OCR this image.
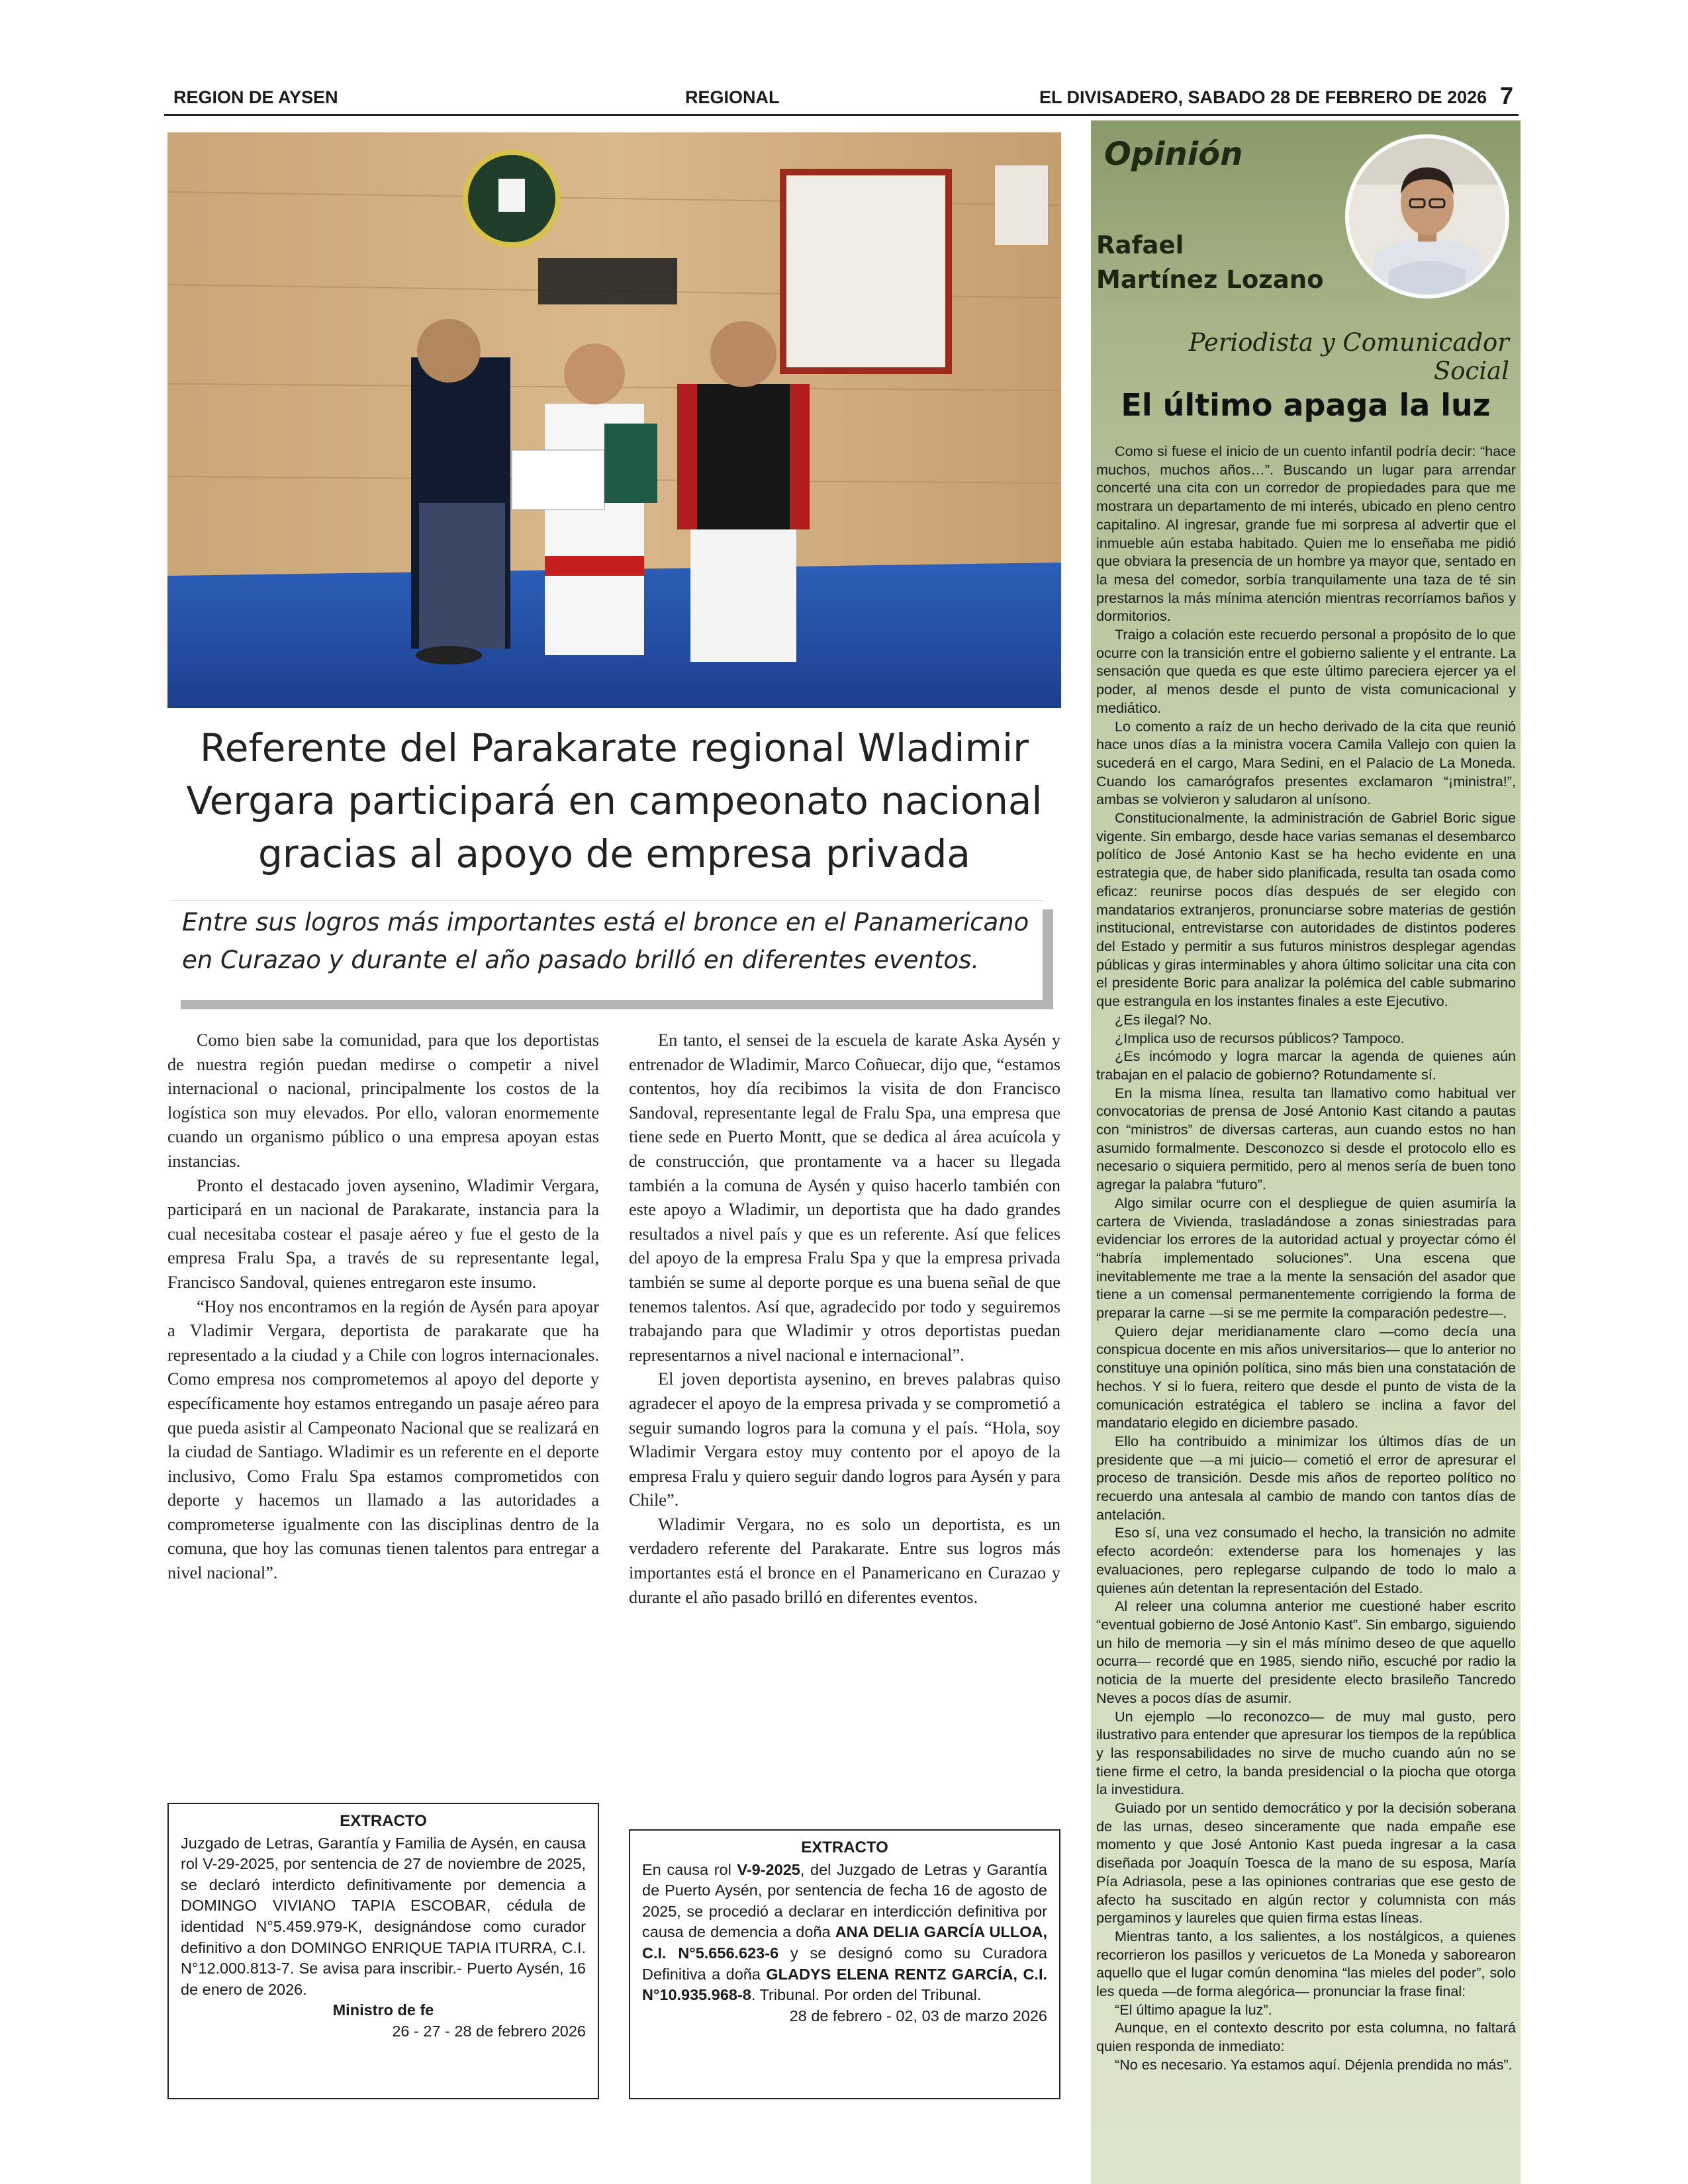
REGION DE AYSEN	REGIONAL	EL DIVISADERO, SABADO 28 DE FEBRERO DE 2026 7
Referente del Parakarate regional Wladimir Vergara participará en campeonato nacional gracias al apoyo de empresa privada
Entre sus logros más importantes está el bronce en el Panamericano en Curazao y durante el año pasado brilló en diferentes eventos.

Como bien sabe la comunidad, para que los deportistas de nuestra región puedan medirse o competir a nivel internacional o nacional, principalmente los costos de la logística son muy elevados. Por ello, valoran enormemente cuando un organismo público o una empresa apoyan estas instancias.

Pronto el destacado joven aysenino, Wladimir Vergara, participará en un nacional de Parakarate, instancia para la cual necesitaba costear el pasaje aéreo y fue el gesto de la empresa Fralu Spa, a través de su representante legal, Francisco Sandoval, quienes entregaron este insumo.

“Hoy nos encontramos en la región de Aysén para apoyar a Vladimir Vergara, deportista de parakarate que ha representado a la ciudad y a Chile con logros internacionales. Como empresa nos comprometemos al apoyo del deporte y específicamente hoy estamos entregando un pasaje aéreo para que pueda asistir al Campeonato Nacional que se realizará en la ciudad de Santiago. Wladimir es un referente en el deporte inclusivo, Como Fralu Spa estamos comprometidos con deporte y hacemos un llamado a las autoridades a comprometerse igualmente con las disciplinas dentro de la comuna, que hoy las comunas tienen talentos para entregar a nivel nacional”.

En tanto, el sensei de la escuela de karate Aska Aysén y entrenador de Wladimir, Marco Coñuecar, dijo que, “estamos contentos, hoy día recibimos la visita de don Francisco Sandoval, representante legal de Fralu Spa, una empresa que tiene sede en Puerto Montt, que se dedica al área acuícola y de construcción, que prontamente va a hacer su llegada también a la comuna de Aysén y quiso hacerlo también con este apoyo a Wladimir, un deportista que ha dado grandes resultados a nivel país y que es un referente. Así que felices del apoyo de la empresa Fralu Spa y que la empresa privada también se sume al deporte porque es una buena señal de que tenemos talentos. Así que, agradecido por todo y seguiremos trabajando para que Wladimir y otros deportistas puedan representarnos a nivel nacional e internacional”.

El joven deportista aysenino, en breves palabras quiso agradecer el apoyo de la empresa privada y se comprometió a seguir sumando logros para la comuna y el país. “Hola, soy Wladimir Vergara estoy muy contento por el apoyo de la empresa Fralu y quiero seguir dando logros para Aysén y para Chile”.

Wladimir Vergara, no es solo un deportista, es un verdadero referente del Parakarate. Entre sus logros más importantes está el bronce en el Panamericano en Curazao y durante el año pasado brilló en diferentes eventos.

EXTRACTO
Juzgado de Letras, Garantía y Familia de Aysén, en causa rol V-29-2025, por sentencia de 27 de noviembre de 2025, se declaró interdicto definitivamente por demencia a DOMINGO VIVIANO TAPIA ESCOBAR, cédula de identidad N°5.459.979-K, designándose como curador definitivo a don DOMINGO ENRIQUE TAPIA ITURRA, C.I. N°12.000.813-7. Se avisa para inscribir.- Puerto Aysén, 16 de enero de 2026.
Ministro de fe
26 - 27 - 28 de febrero 2026
EXTRACTO
En causa rol V-9-2025, del Juzgado de Letras y Garantía de Puerto Aysén, por sentencia de fecha 16 de agosto de 2025, se procedió a declarar en interdicción definitiva por causa de demencia a doña ANA DELIA GARCÍA ULLOA, C.I. N°5.656.623-6 y se designó como su Curadora Definitiva a doña GLADYS ELENA RENTZ GARCÍA, C.I. N°10.935.968-8. Tribunal. Por orden del Tribunal.
28 de febrero - 02, 03 de marzo 2026
Opinión
Rafael
Martínez Lozano
Periodista y Comunicador Social
El último apaga la luz

Como si fuese el inicio de un cuento infantil podría decir: “hace muchos, muchos años…”. Buscando un lugar para arrendar concerté una cita con un corredor de propiedades para que me mostrara un departamento de mi interés, ubicado en pleno centro capitalino. Al ingresar, grande fue mi sorpresa al advertir que el inmueble aún estaba habitado. Quien me lo enseñaba me pidió que obviara la presencia de un hombre ya mayor que, sentado en la mesa del comedor, sorbía tranquilamente una taza de té sin prestarnos la más mínima atención mientras recorríamos baños y dormitorios.

Traigo a colación este recuerdo personal a propósito de lo que ocurre con la transición entre el gobierno saliente y el entrante. La sensación que queda es que este último pareciera ejercer ya el poder, al menos desde el punto de vista comunicacional y mediático.

Lo comento a raíz de un hecho derivado de la cita que reunió hace unos días a la ministra vocera Camila Vallejo con quien la sucederá en el cargo, Mara Sedini, en el Palacio de La Moneda. Cuando los camarógrafos presentes exclamaron “¡ministra!”, ambas se volvieron y saludaron al unísono.

Constitucionalmente, la administración de Gabriel Boric sigue vigente. Sin embargo, desde hace varias semanas el desembarco político de José Antonio Kast se ha hecho evidente en una estrategia que, de haber sido planificada, resulta tan osada como eficaz: reunirse pocos días después de ser elegido con mandatarios extranjeros, pronunciarse sobre materias de gestión institucional, entrevistarse con autoridades de distintos poderes del Estado y permitir a sus futuros ministros desplegar agendas públicas y giras interminables y ahora último solicitar una cita con el presidente Boric para analizar la polémica del cable submarino que estrangula en los instantes finales a este Ejecutivo.

¿Es ilegal? No.

¿Implica uso de recursos públicos? Tampoco.

¿Es incómodo y logra marcar la agenda de quienes aún trabajan en el palacio de gobierno? Rotundamente sí.

En la misma línea, resulta tan llamativo como habitual ver convocatorias de prensa de José Antonio Kast citando a pautas con “ministros” de diversas carteras, aun cuando estos no han asumido formalmente. Desconozco si desde el protocolo ello es necesario o siquiera permitido, pero al menos sería de buen tono agregar la palabra “futuro”.

Algo similar ocurre con el despliegue de quien asumiría la cartera de Vivienda, trasladándose a zonas siniestradas para evidenciar los errores de la autoridad actual y proyectar cómo él “habría implementado soluciones”. Una escena que inevitablemente me trae a la mente la sensación del asador que tiene a un comensal permanentemente corrigiendo la forma de preparar la carne —si se me permite la comparación pedestre—.

Quiero dejar meridianamente claro —como decía una conspicua docente en mis años universitarios— que lo anterior no constituye una opinión política, sino más bien una constatación de hechos. Y si lo fuera, reitero que desde el punto de vista de la comunicación estratégica el tablero se inclina a favor del mandatario elegido en diciembre pasado.

Ello ha contribuido a minimizar los últimos días de un presidente que —a mi juicio— cometió el error de apresurar el proceso de transición. Desde mis años de reporteo político no recuerdo una antesala al cambio de mando con tantos días de antelación.

Eso sí, una vez consumado el hecho, la transición no admite efecto acordeón: extenderse para los homenajes y las evaluaciones, pero replegarse culpando de todo lo malo a quienes aún detentan la representación del Estado.

Al releer una columna anterior me cuestioné haber escrito “eventual gobierno de José Antonio Kast”. Sin embargo, siguiendo un hilo de memoria —y sin el más mínimo deseo de que aquello ocurra— recordé que en 1985, siendo niño, escuché por radio la noticia de la muerte del presidente electo brasileño Tancredo Neves a pocos días de asumir.

Un ejemplo —lo reconozco— de muy mal gusto, pero ilustrativo para entender que apresurar los tiempos de la república y las responsabilidades no sirve de mucho cuando aún no se tiene firme el cetro, la banda presidencial o la piocha que otorga la investidura.

Guiado por un sentido democrático y por la decisión soberana de las urnas, deseo sinceramente que nada empañe ese momento y que José Antonio Kast pueda ingresar a la casa diseñada por Joaquín Toesca de la mano de su esposa, María Pía Adriasola, pese a las opiniones contrarias que ese gesto de afecto ha suscitado en algún rector y columnista con más pergaminos y laureles que quien firma estas líneas.

Mientras tanto, a los salientes, a los nostálgicos, a quienes recorrieron los pasillos y vericuetos de La Moneda y saborearon aquello que el lugar común denomina “las mieles del poder”, solo les queda —de forma alegórica— pronunciar la frase final:

“El último apague la luz”.

Aunque, en el contexto descrito por esta columna, no faltará quien responda de inmediato:

“No es necesario. Ya estamos aquí. Déjenla prendida no más”.
